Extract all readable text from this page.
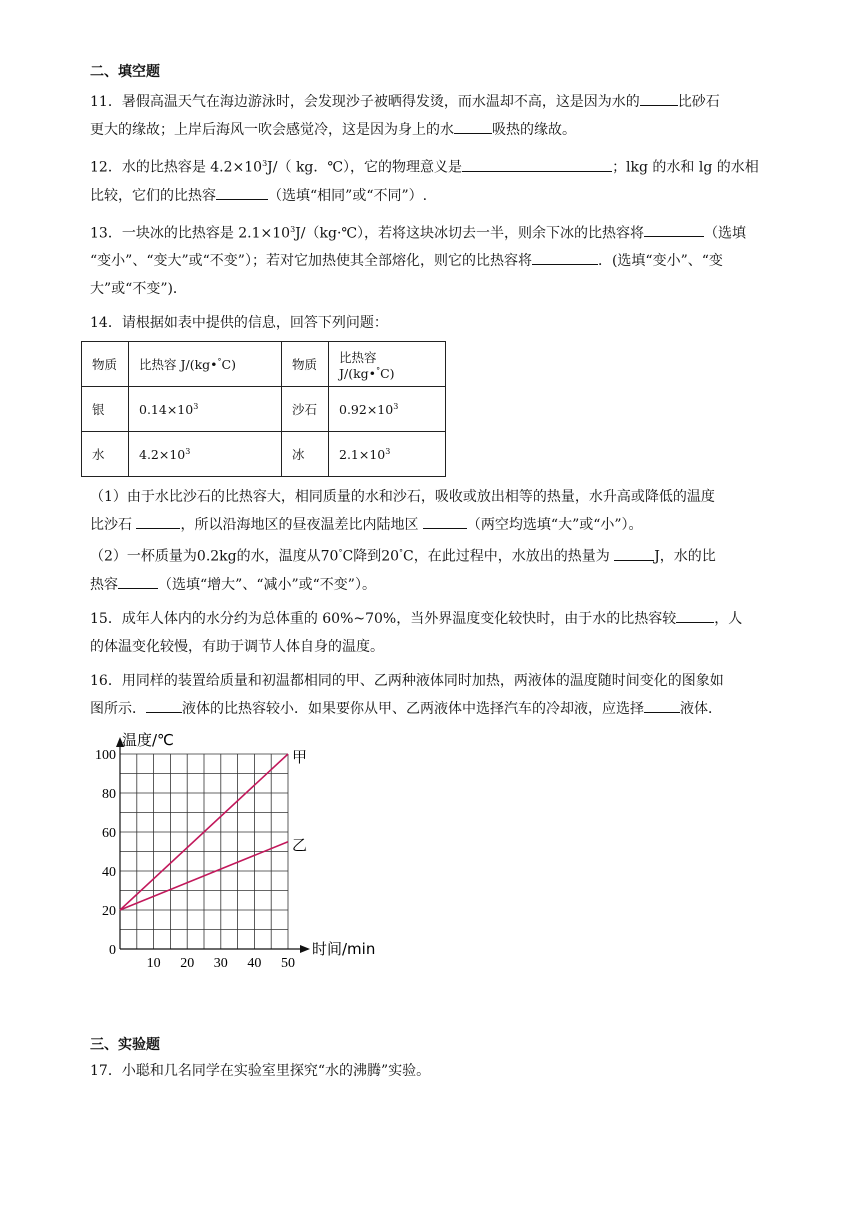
二、填空题

11．暑假高温天气在海边游泳时，会发现沙子被晒得发烫，而水温却不高，这是因为水的	比砂石

更大的缘故；上岸后海风一吹会感觉冷，这是因为身上的水	吸热的缘故。

12．水的比热容是 $4.2\times 10^3J/$（ kg．℃），它的物理意义是	；lkg 的水和 lg 的水相

比较，它们的比热容	（选填“相同”或“不同”）.

13．一块冰的比热容是 $2.1\times 10^3J/(kg\cdot℃)$，若将这块冰切去一半，则余下冰的比热容将	（选填

“变小”、“变大”或“不变”）；若对它加热使其全部熔化，则它的比热容将	．(选填“变小”、“变

大”或“不变”)．

14．请根据如表中提供的信息，回答下列问题：

物质	比热容 J/(kg•°C)	物质	比热容 J/(kg•°C)
银	$0.14\times 10^3$	沙石	$0.92\times 10^3$
水	$4.2\times 10^3$	冰	$2.1\times 10^3$

（1）由于水比沙石的比热容大，相同质量的水和沙石，吸收或放出相等的热量，水升高或降低的温度

比沙石	，所以沿海地区的昼夜温差比内陆地区	（两空均选填“大”或“小”）。

（2）一杯质量为0.2kg的水，温度从70°C降到20°C，在此过程中，水放出的热量为	J，水的比

热容	（选填“增大”、“减小”或“不变”）。

15．成年人体内的水分约为总体重的 60%~70%，当外界温度变化较快时，由于水的比热容较	，人

的体温变化较慢，有助于调节人体自身的温度。

16．用同样的装置给质量和初温都相同的甲、乙两种液体同时加热，两液体的温度随时间变化的图象如

图所示．	液体的比热容较小．如果要你从甲、乙两液体中选择汽车的冷却液，应选择	液体．

0
20
40
60
80
100
10 20 30 40 50
温度/℃
时间/min
甲
乙

三、实验题

17．小聪和几名同学在实验室里探究“水的沸腾”实验。
